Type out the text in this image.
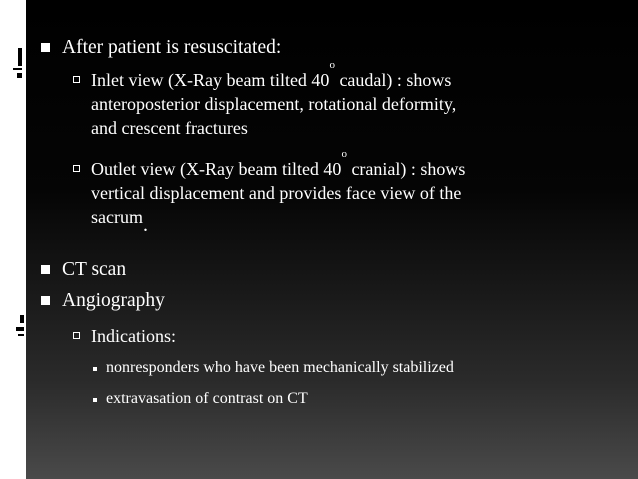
After patient is resuscitated:
Inlet view (X-Ray beam tilted 40$^o$ caudal) : shows
anteroposterior displacement, rotational deformity,
and crescent fractures
Outlet view (X-Ray beam tilted 40$^o$ cranial) : shows
vertical displacement and provides face view of the
sacrum.
CT scan
Angiography
Indications:
nonresponders who have been mechanically stabilized
extravasation of contrast on CT
